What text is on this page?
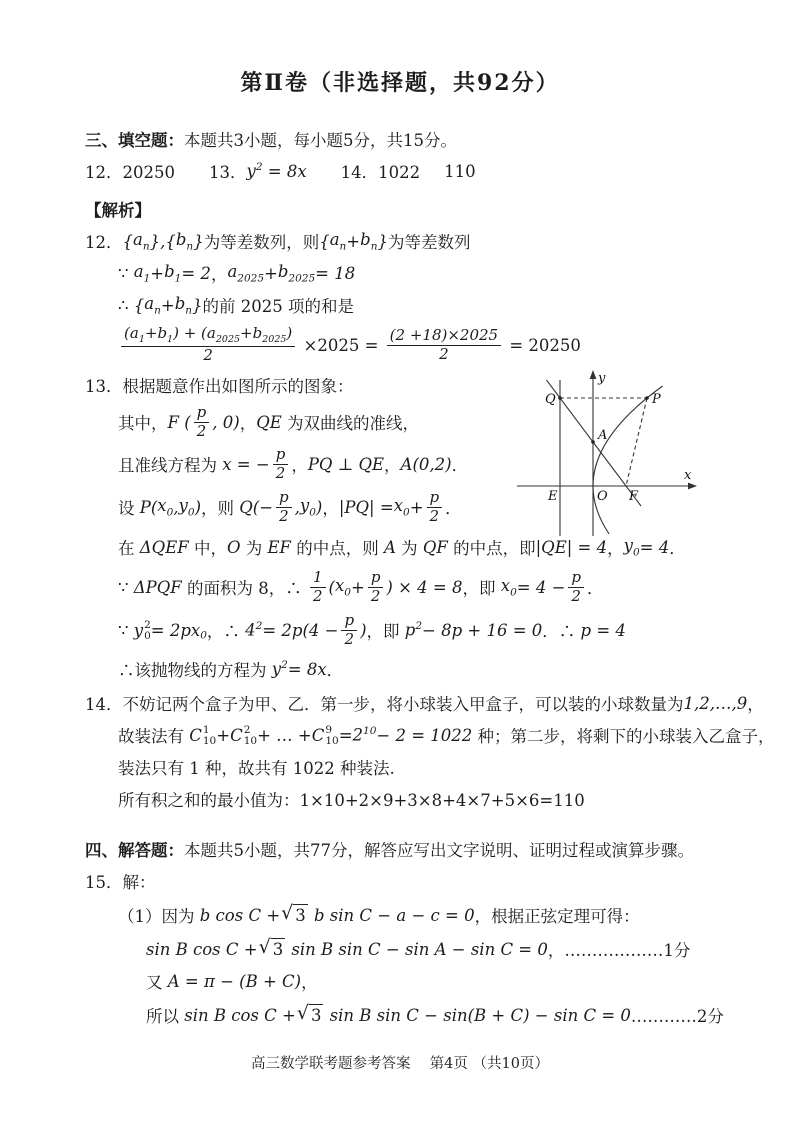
第Ⅱ卷（非选择题，共92分）
三、填空题： 本题共3小题，每小题5分，共15分。
12．20250 13． $y^2 = 8x$ 14．1022 110
【解析】
12． { $a_n$ },{ $b_n$ } 为等差数列，则 { $a_n + b_n$ } 为等差数列
∵ $a_1 + b_1 = 2$ ， $a_{2025} + b_{2025} = 18$
∴ { $a_n + b_n$ } 的前 2025 项的和是
$\frac{(a_1+b_1) + (a_{2025}+b_{2025})}{2} \times 2025 = \frac{(2 +18)\times 2025}{2} = 20250$
13．根据题意作出如图所示的图象：
其中， F ( $\frac{p}{2}$ , 0) ， QE 为双曲线的准线，
且准线方程为 x = − $\frac{p}{2}$ ， PQ ⊥ QE ， A(0,2) ．
设 P( $x_0$ , $y_0$ ) ，则 $Q(- \frac{p}{2}$ , $y_0$ ) ， $|PQ| = x_0 + \frac{p}{2}$ ．
在 ΔQEF 中， O 为 EF 的中点，则 A 为 QF 的中点，即 |QE| = 4 ， $y_0 = 4$ ．
∵ ΔPQF 的面积为 8，∴ $\frac{1}{2}$ ( $x_0 + \frac{p}{2}$ ) × 4 = 8 ，即 $x_0 = 4 - \frac{p}{2}$ ．
∵ y 2
0 = 2px $_0$ ，∴ $4^2 = 2p(4 - \frac{p}{2}$ ) ，即 $p^2 - 8p + 16 = 0$ ．∴ p = 4
∴该抛物线的方程为 $y^2 = 8x$ ．
14．不妨记两个盒子为甲、乙．第一步，将小球装入甲盒子，可以装的小球数量为 1,2,…,9 ，
故装法有 C 1
10 + C 2
10 + … + C 9
$10 = 2^{10} - 2 = 1022$ 种；第二步，将剩下的小球装入乙盒子，
装法只有 1 种，故共有 1022 种装法.
所有积之和的最小值为：1×10+2×9+3×8+4×7+5×6=110
四、解答题： 本题共5小题，共77分，解答应写出文字说明、证明过程或演算步骤。
15．解：
（1）因为 b cos C + √ 3 b sin C − a − c = 0 ，根据正弦定理可得：
sin B cos C + √ 3 sin B sin C − sin A − sin C = 0 ， ………………1分
又 A = π − (B + C) ，
所以 sin B cos C + √ 3 sin B sin C − sin(B + C) − sin C = 0 …………2分
y
x
Q	P
A
E	O F
高三数学联考题参考答案　 第4页 （共10页）
